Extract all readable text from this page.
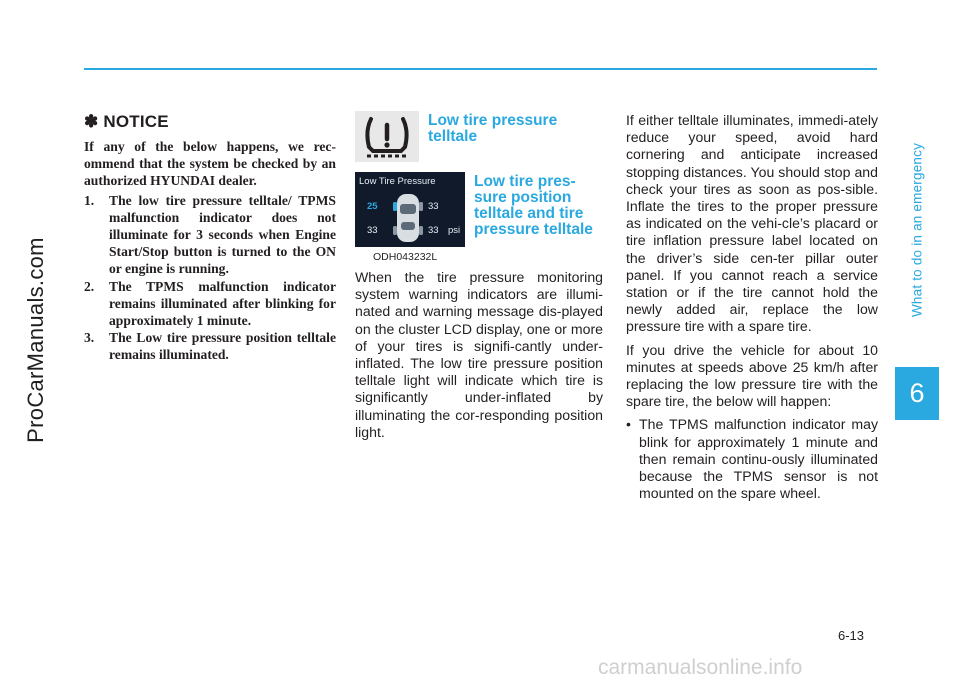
ProCarManuals.com
What to do in an emergency
6
✽ NOTICE
If any of the below happens, we rec-ommend that the system be checked by an authorized HYUNDAI dealer.
1. The low tire pressure telltale/ TPMS malfunction indicator does not illuminate for 3 seconds when Engine Start/Stop button is turned to the ON or engine is running.
2. The TPMS malfunction indicator remains illuminated after blinking for approximately 1 minute.
3. The Low tire pressure position telltale remains illuminated.
Low tire pressure telltale
Low Tire Pressure
25	33
33	33 psi
Low tire pres-sure position telltale and tire pressure telltale
ODH043232L
When the tire pressure monitoring system warning indicators are illumi-nated and warning message dis-played on the cluster LCD display, one or more of your tires is signifi-cantly under-inflated. The low tire pressure position telltale light will indicate which tire is significantly under-inflated by illuminating the cor-responding position light.

If either telltale illuminates, immedi-ately reduce your speed, avoid hard cornering and anticipate increased stopping distances. You should stop and check your tires as soon as pos-sible. Inflate the tires to the proper pressure as indicated on the vehi-cle’s placard or tire inflation pressure label located on the driver’s side cen-ter pillar outer panel. If you cannot reach a service station or if the tire cannot hold the newly added air, replace the low pressure tire with a spare tire.

If you drive the vehicle for about 10 minutes at speeds above 25 km/h after replacing the low pressure tire with the spare tire, the below will happen:

• The TPMS malfunction indicator may blink for approximately 1 minute and then remain continu-ously illuminated because the TPMS sensor is not mounted on the spare wheel.
6-13
carmanualsonline.info
